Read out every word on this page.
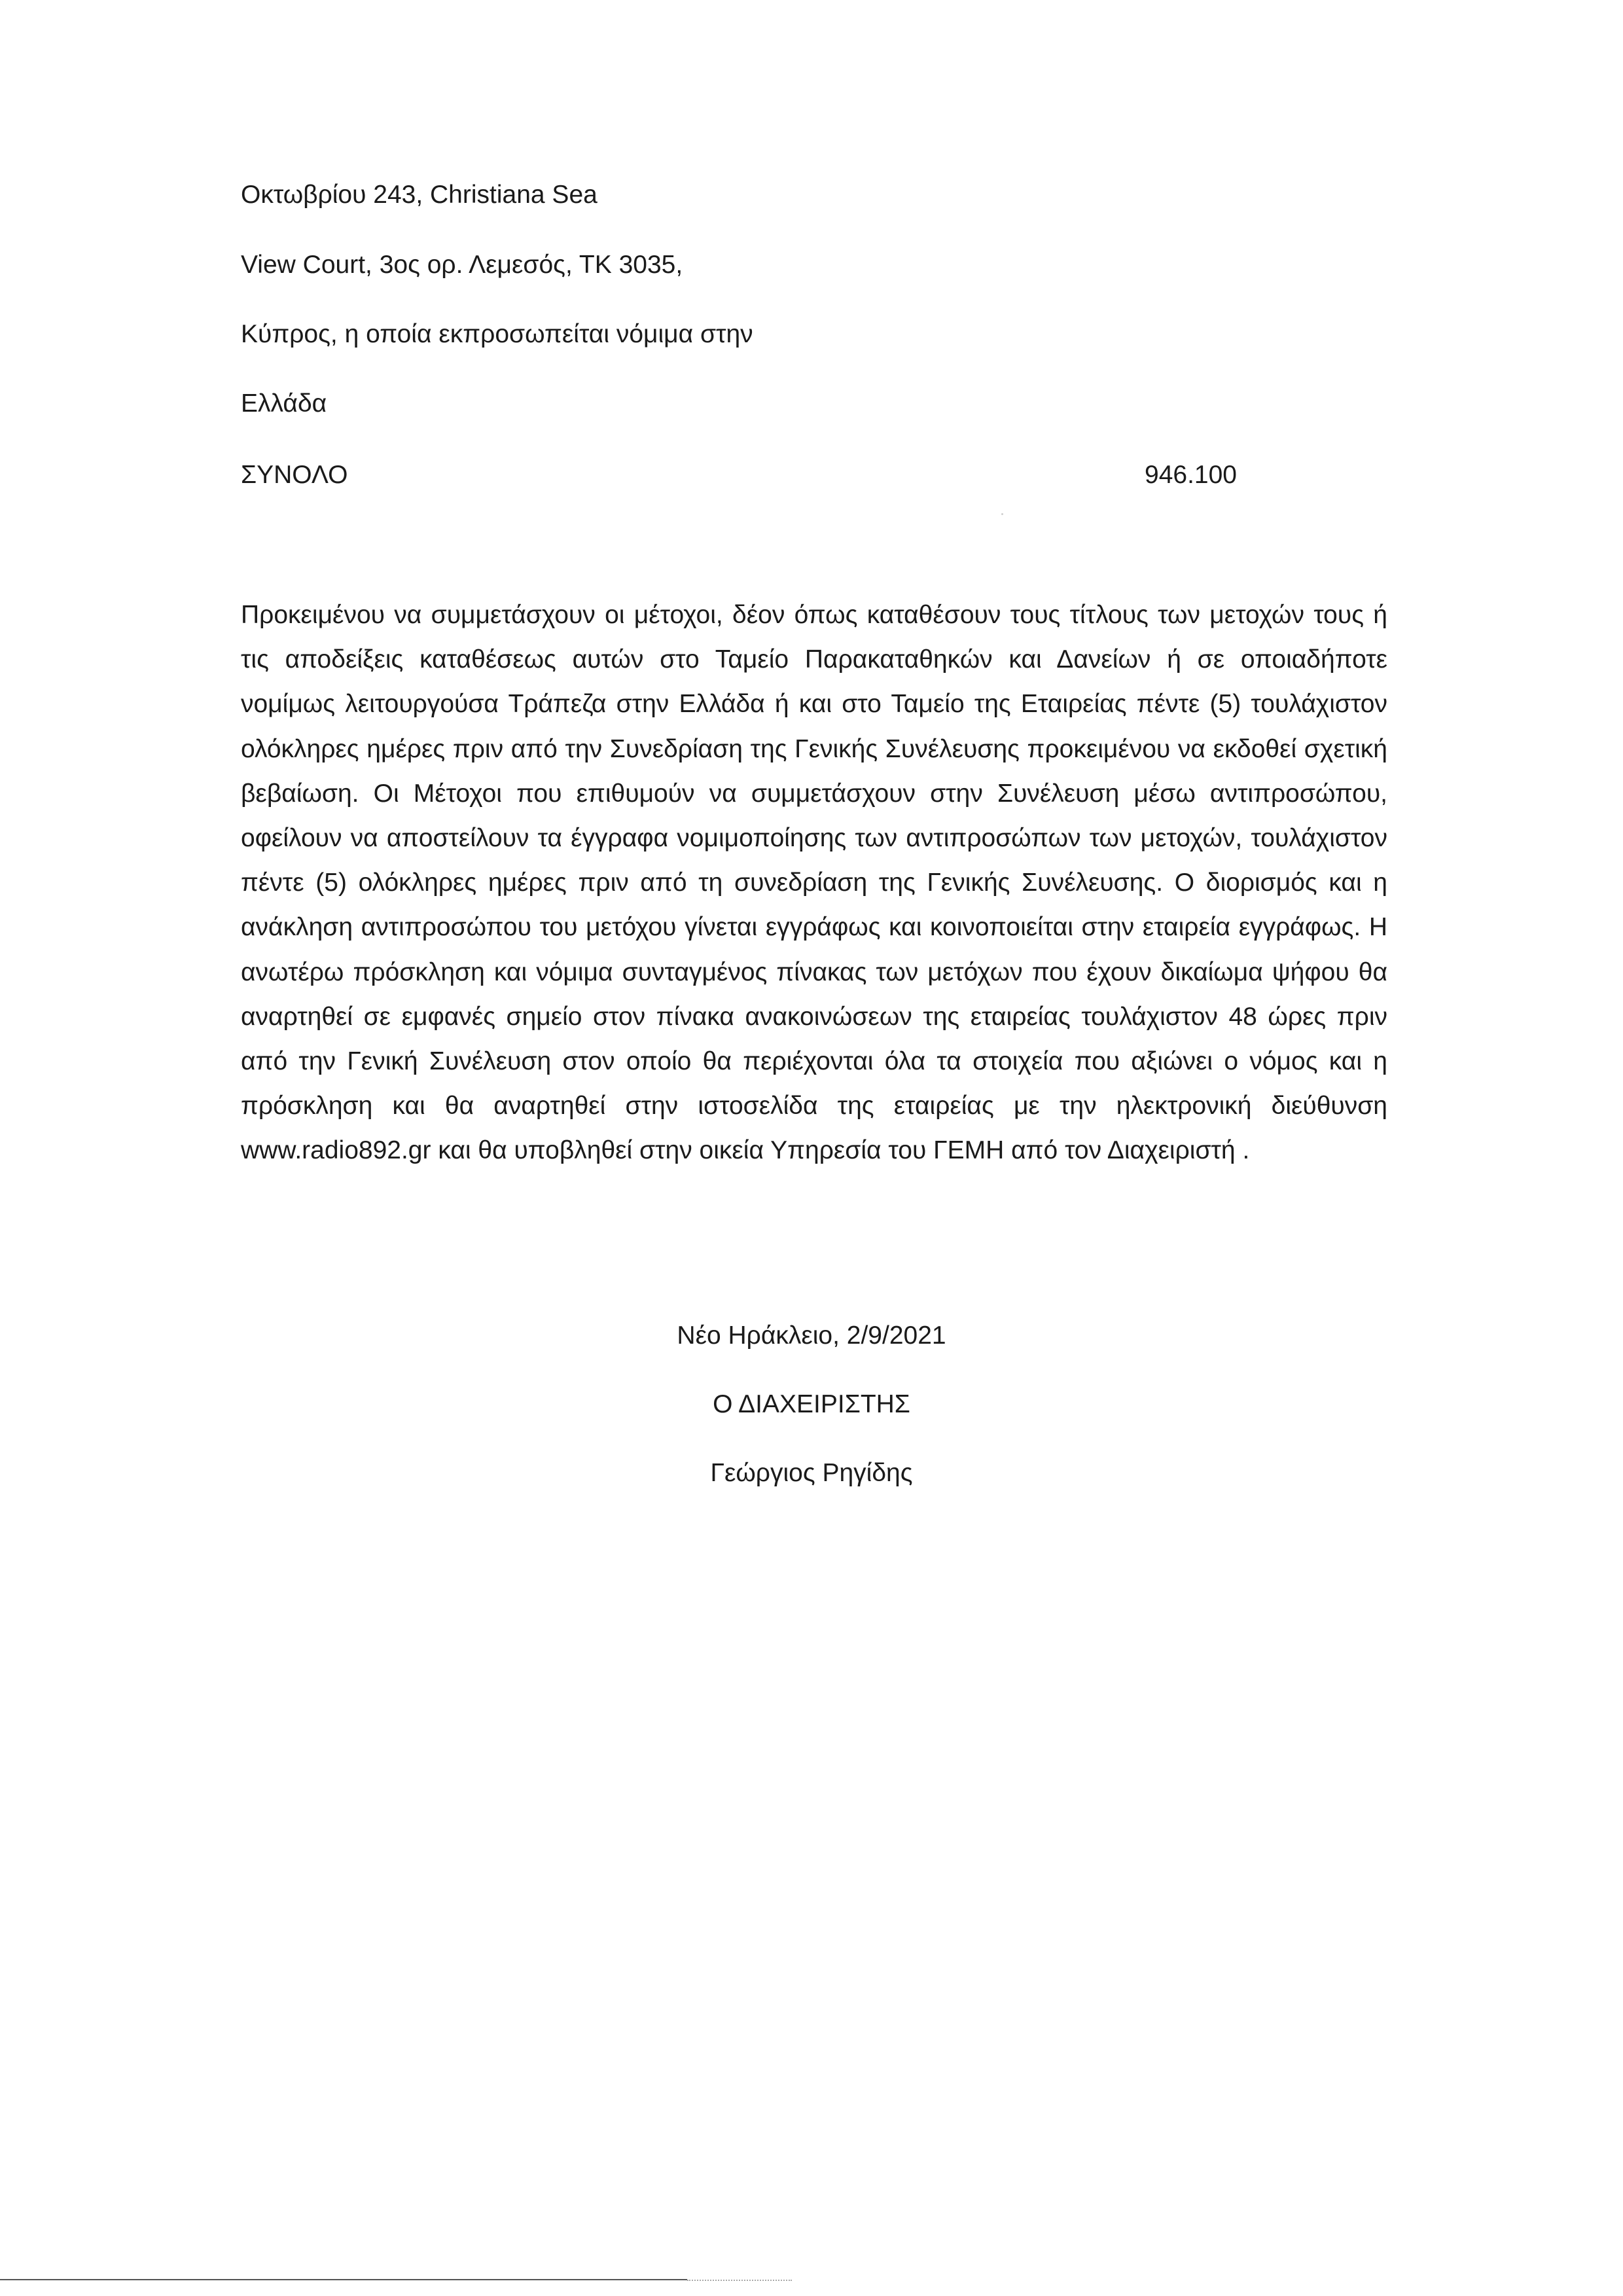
Οκτωβρίου 243, Christiana Sea
View Court, 3ος ορ. Λεμεσός, ΤΚ 3035,
Κύπρος, η οποία εκπροσωπείται νόμιμα στην
Ελλάδα
ΣΥΝΟΛΟ	946.100

Προκειμένου να συμμετάσχουν οι μέτοχοι, δέον όπως καταθέσουν τους τίτλους των μετοχών τους ή τις αποδείξεις καταθέσεως αυτών στο Ταμείο Παρακαταθηκών και Δανείων ή σε οποιαδήποτε νομίμως λειτουργούσα Τράπεζα στην Ελλάδα ή και στο Ταμείο της Εταιρείας πέντε (5) τουλάχιστον ολόκληρες ημέρες πριν από την Συνεδρίαση της Γενικής Συνέλευσης προκειμένου να εκδοθεί σχετική βεβαίωση. Οι Μέτοχοι που επιθυμούν να συμμετάσχουν στην Συνέλευση μέσω αντιπροσώπου, οφείλουν να αποστείλουν τα έγγραφα νομιμοποίησης των αντιπροσώπων των μετοχών, τουλάχιστον πέντε (5) ολόκληρες ημέρες πριν από τη συνεδρίαση της Γενικής Συνέλευσης. Ο διορισμός και η ανάκληση αντιπροσώπου του μετόχου γίνεται εγγράφως και κοινοποιείται στην εταιρεία εγγράφως. Η ανωτέρω πρόσκληση και νόμιμα συνταγμένος πίνακας των μετόχων που έχουν δικαίωμα ψήφου θα αναρτηθεί σε εμφανές σημείο στον πίνακα ανακοινώσεων της εταιρείας τουλάχιστον 48 ώρες πριν από την Γενική Συνέλευση στον οποίο θα περιέχονται όλα τα στοιχεία που αξιώνει ο νόμος και η πρόσκληση και θα αναρτηθεί στην ιστοσελίδα της εταιρείας με την ηλεκτρονική διεύθυνση www.radio892.gr και θα υποβληθεί στην οικεία Υπηρεσία του ΓΕΜΗ από τον Διαχειριστή .

Νέο Ηράκλειο, 2/9/2021
Ο ΔΙΑΧΕΙΡΙΣΤΗΣ
Γεώργιος Ρηγίδης
